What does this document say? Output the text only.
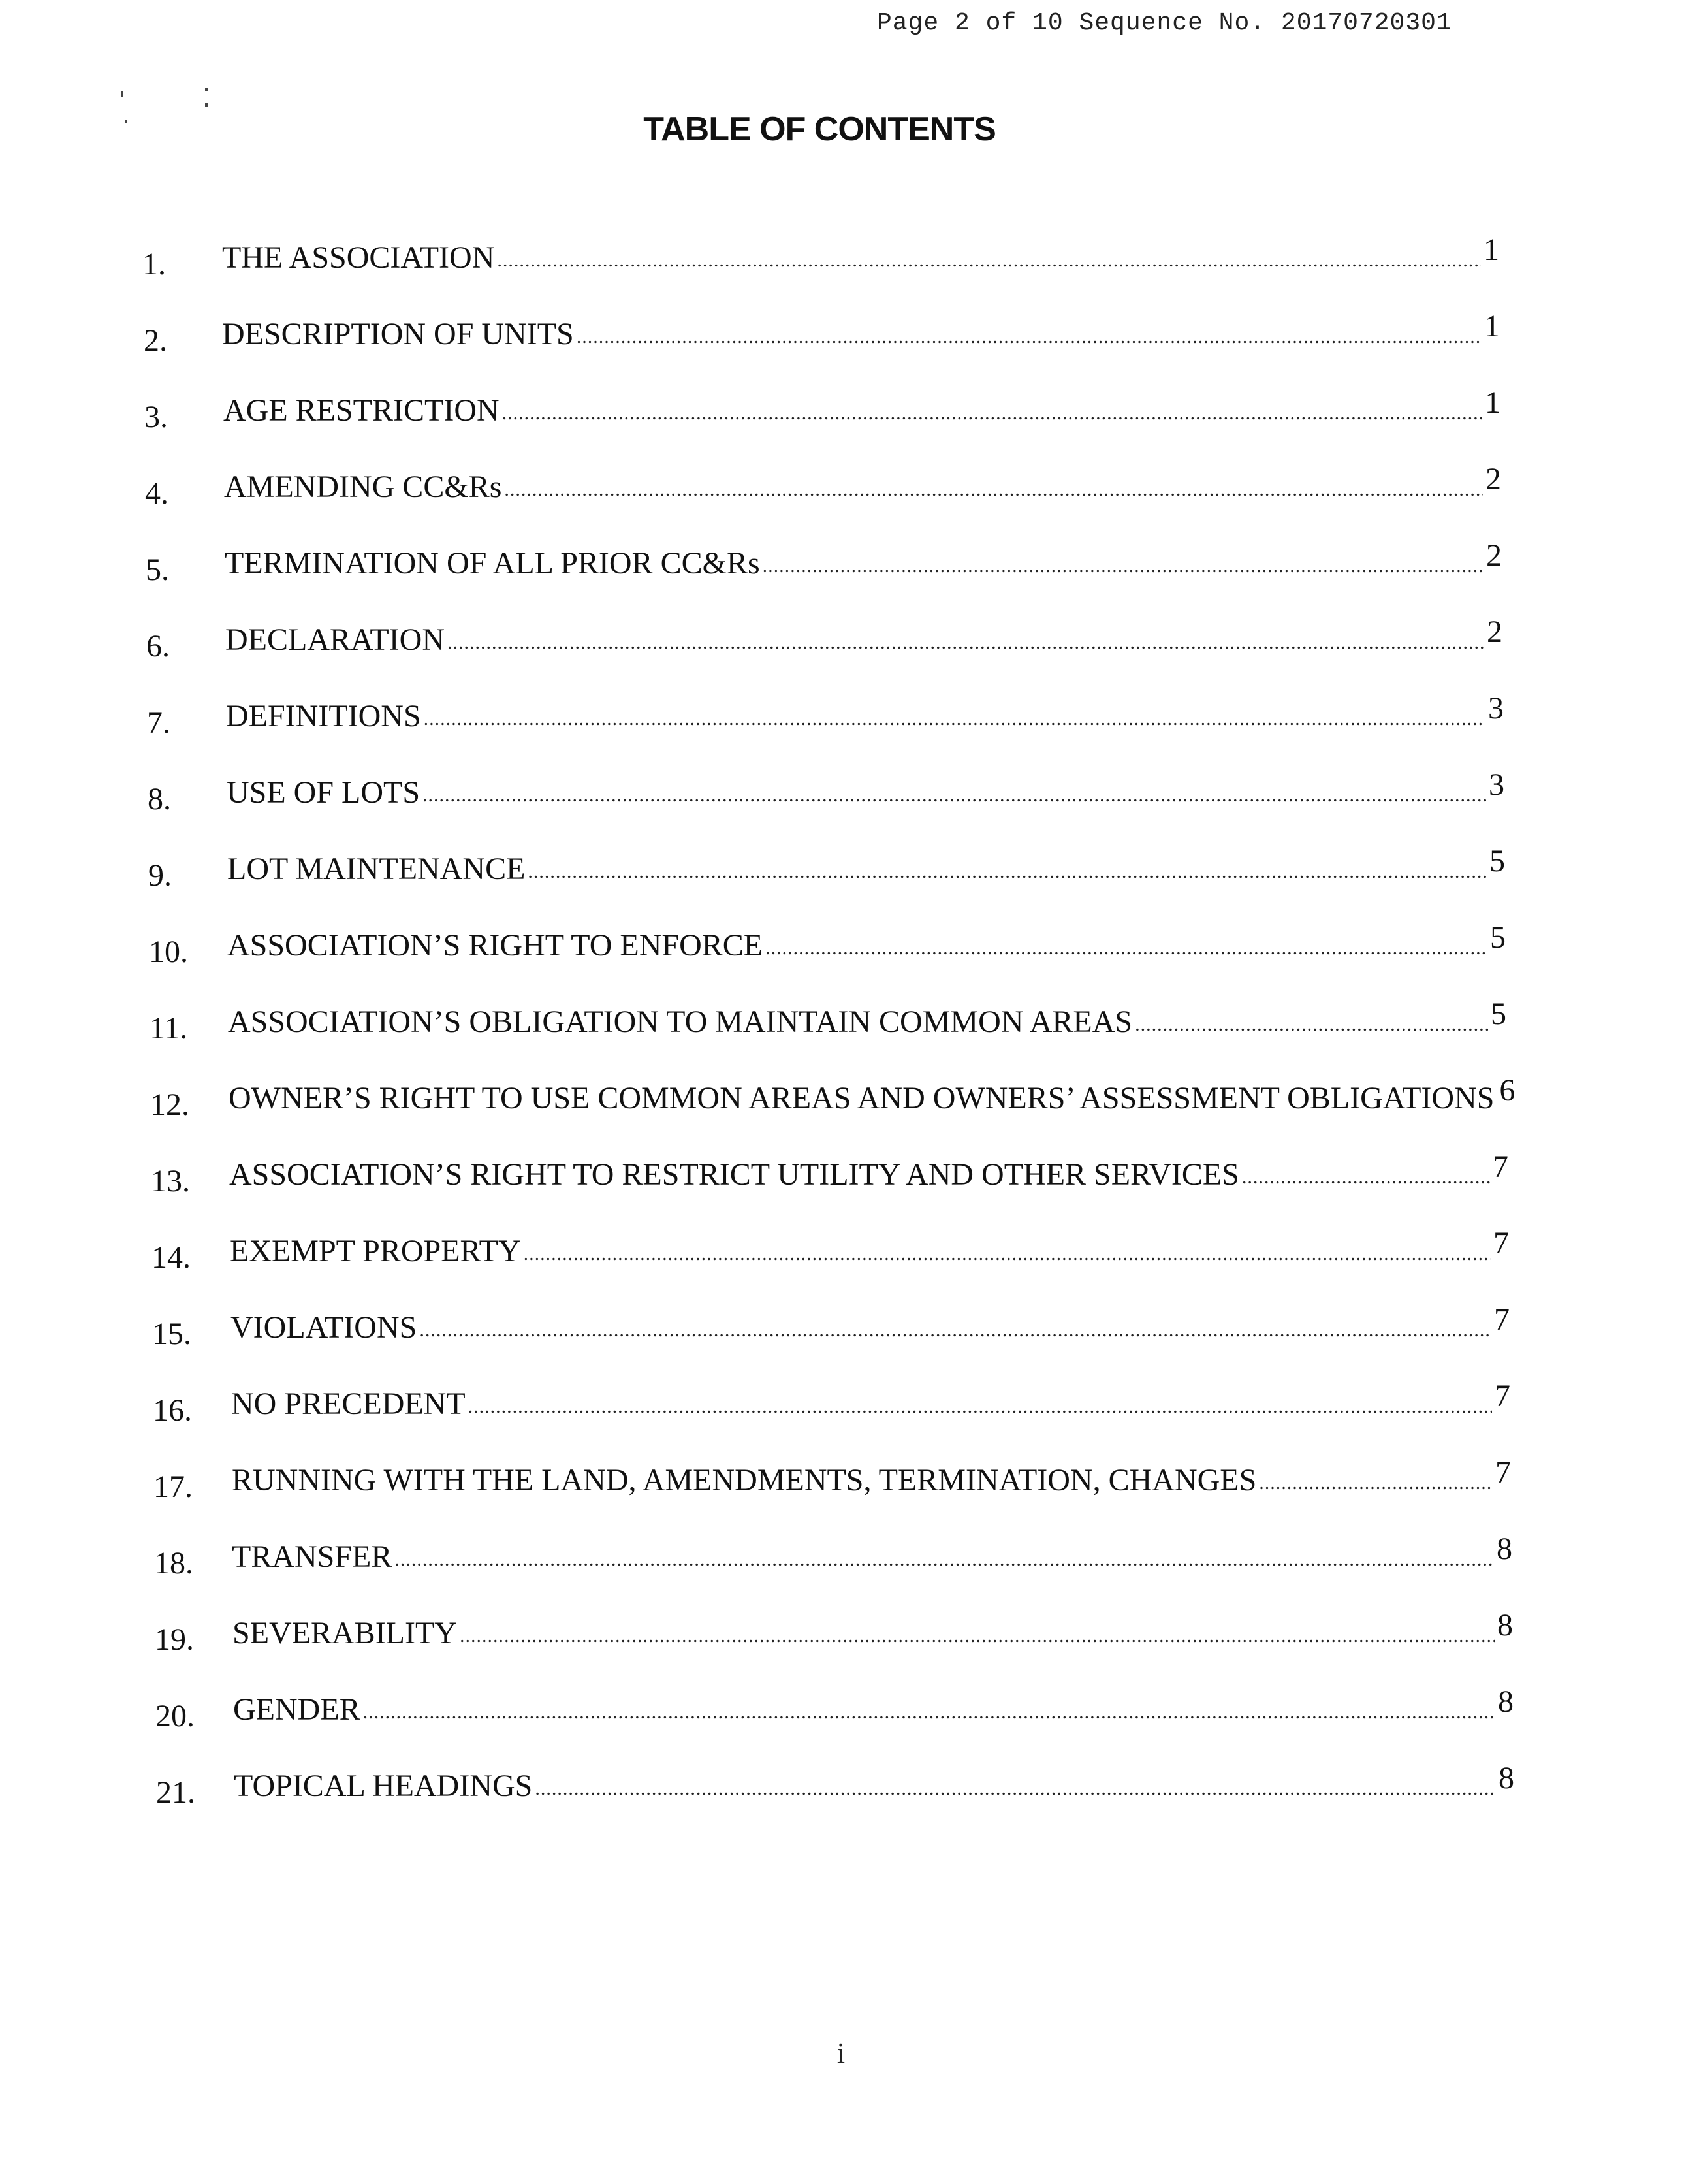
Page 2 of 10 Sequence No. 20170720301
TABLE OF CONTENTS
1.	THE ASSOCIATION .....	1
2.	DESCRIPTION OF UNITS .....	1
3.	AGE RESTRICTION .....	1
4.	AMENDING CC&Rs .....	2
5.	TERMINATION OF ALL PRIOR CC&Rs .....	2
6.	DECLARATION .....	2
7.	DEFINITIONS .....	3
8.	USE OF LOTS .....	3
9.	LOT MAINTENANCE .....	5
10.	ASSOCIATION’S RIGHT TO ENFORCE .....	5
11.	ASSOCIATION’S OBLIGATION TO MAINTAIN COMMON AREAS .....	5
12.	OWNER’S RIGHT TO USE COMMON AREAS AND OWNERS’ ASSESSMENT OBLIGATIONS 6
13.	ASSOCIATION’S RIGHT TO RESTRICT UTILITY AND OTHER SERVICES .....	7
14.	EXEMPT PROPERTY .....	7
15.	VIOLATIONS .....	7
16.	NO PRECEDENT .....	7
17.	RUNNING WITH THE LAND, AMENDMENTS, TERMINATION, CHANGES .....	7
18.	TRANSFER .....	8
19.	SEVERABILITY .....	8
20.	GENDER .....	8
21.	TOPICAL HEADINGS .....	8
i
